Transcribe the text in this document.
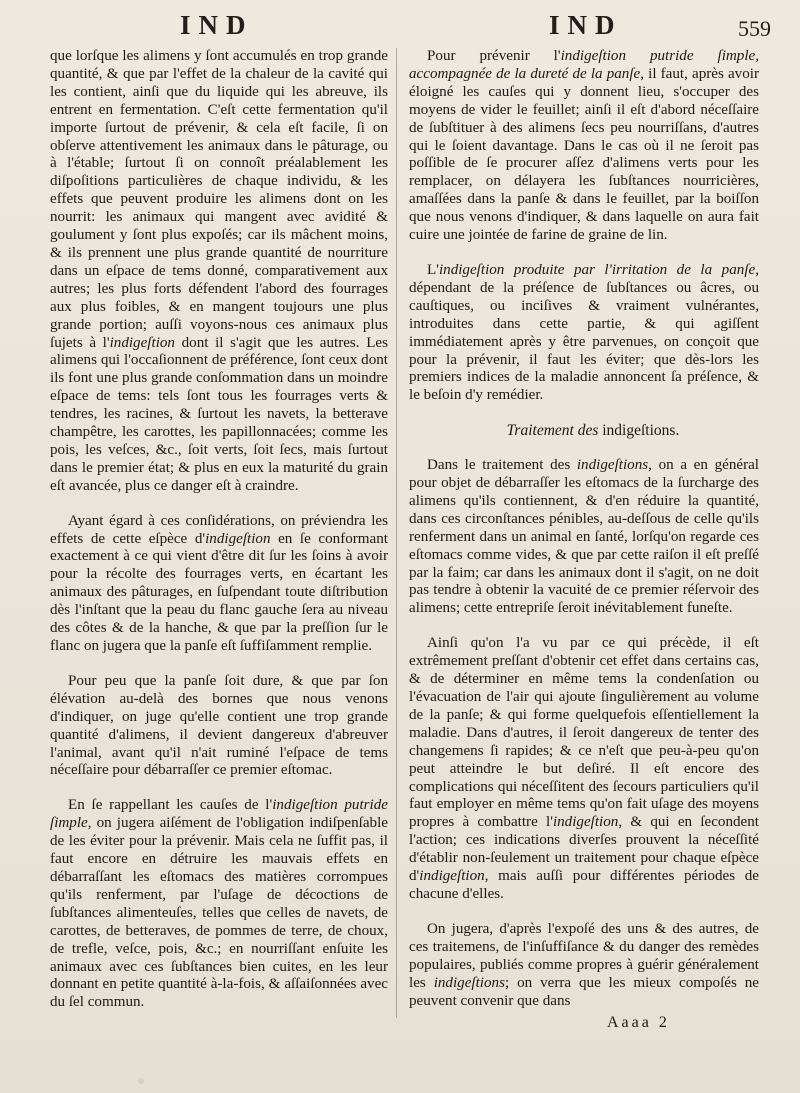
IND	IND	559

que lorſque les alimens y ſont accumulés en trop grande quantité, & que par l'effet de la chaleur de la cavité qui les contient, ainſi que du liquide qui les abreuve, ils entrent en fermentation. C'eſt cette fermentation qu'il importe ſurtout de prévenir, & cela eſt facile, ſi on obſerve attentivement les animaux dans le pâturage, ou à l'étable; ſurtout ſi on connoît préalablement les diſpoſitions particulières de chaque individu, & les effets que peuvent produire les alimens dont on les nourrit: les animaux qui mangent avec avidité & goulument y ſont plus expoſés; car ils mâchent moins, & ils prennent une plus grande quantité de nourriture dans un eſpace de tems donné, comparativement aux autres; les plus forts défendent l'abord des fourrages aux plus foibles, & en mangent toujours une plus grande portion; auſſi voyons-nous ces animaux plus ſujets à l'indigeſtion dont il s'agit que les autres. Les alimens qui l'occaſionnent de préférence, ſont ceux dont ils font une plus grande conſommation dans un moindre eſpace de tems: tels ſont tous les fourrages verts & tendres, les racines, & ſurtout les navets, la betterave champêtre, les carottes, les papillonnacées; comme les pois, les veſces, &c., ſoit verts, ſoit ſecs, mais ſurtout dans le premier état; & plus en eux la maturité du grain eſt avancée, plus ce danger eſt à craindre.

Ayant égard à ces conſidérations, on préviendra les effets de cette eſpèce d'indigeſtion en ſe conformant exactement à ce qui vient d'être dit ſur les ſoins à avoir pour la récolte des fourrages verts, en écartant les animaux des pâturages, en ſuſpendant toute diſtribution dès l'inſtant que la peau du flanc gauche ſera au niveau des côtes & de la hanche, & que par la preſſion ſur le flanc on jugera que la panſe eſt ſuffiſamment remplie.

Pour peu que la panſe ſoit dure, & que par ſon élévation au-delà des bornes que nous venons d'indiquer, on juge qu'elle contient une trop grande quantité d'alimens, il devient dangereux d'abreuver l'animal, avant qu'il n'ait ruminé l'eſpace de tems néceſſaire pour débarraſſer ce premier eſtomac.

En ſe rappellant les cauſes de l'indigeſtion putride ſimple, on jugera aiſément de l'obligation indiſpenſable de les éviter pour la prévenir. Mais cela ne ſuffit pas, il faut encore en détruire les mauvais effets en débarraſſant les eſtomacs des matières corrompues qu'ils renferment, par l'uſage de décoctions de ſubſtances alimenteuſes, telles que celles de navets, de carottes, de betteraves, de pommes de terre, de choux, de trefle, veſce, pois, &c.; en nourriſſant enſuite les animaux avec ces ſubſtances bien cuites, en les leur donnant en petite quantité à-la-fois, & aſſaiſonnées avec du ſel commun.

Pour prévenir l'indigeſtion putride ſimple, accompagnée de la dureté de la panſe, il faut, après avoir éloigné les cauſes qui y donnent lieu, s'occuper des moyens de vider le feuillet; ainſi il eſt d'abord néceſſaire de ſubſtituer à des alimens ſecs peu nourriſſans, d'autres qui le ſoient davantage. Dans le cas où il ne ſeroit pas poſſible de ſe procurer aſſez d'alimens verts pour les remplacer, on délayera les ſubſtances nourricières, amaſſées dans la panſe & dans le feuillet, par la boiſſon que nous venons d'indiquer, & dans laquelle on aura fait cuire une jointée de farine de graine de lin.

L'indigeſtion produite par l'irritation de la panſe, dépendant de la préſence de ſubſtances ou âcres, ou cauſtiques, ou inciſives & vraiment vulnérantes, introduites dans cette partie, & qui agiſſent immédiatement après y être parvenues, on conçoit que pour la prévenir, il faut les éviter; que dès-lors les premiers indices de la maladie annoncent ſa préſence, & le beſoin d'y remédier.

Traitement des indigeſtions.

Dans le traitement des indigeſtions, on a en général pour objet de débarraſſer les eſtomacs de la ſurcharge des alimens qu'ils contiennent, & d'en réduire la quantité, dans ces circonſtances pénibles, au-deſſous de celle qu'ils renferment dans un animal en ſanté, lorſqu'on regarde ces eſtomacs comme vides, & que par cette raiſon il eſt preſſé par la faim; car dans les animaux dont il s'agit, on ne doit pas tendre à obtenir la vacuité de ce premier réſervoir des alimens; cette entrepriſe ſeroit inévitablement funeſte.

Ainſi qu'on l'a vu par ce qui précède, il eſt extrêmement preſſant d'obtenir cet effet dans certains cas, & de déterminer en même tems la condenſation ou l'évacuation de l'air qui ajoute ſingulièrement au volume de la panſe; & qui forme quelquefois eſſentiellement la maladie. Dans d'autres, il ſeroit dangereux de tenter des changemens ſi rapides; & ce n'eſt que peu-à-peu qu'on peut atteindre le but deſiré. Il eſt encore des complications qui néceſſitent des ſecours particuliers qu'il faut employer en même tems qu'on fait uſage des moyens propres à combattre l'indigeſtion, & qui en ſecondent l'action; ces indications diverſes prouvent la néceſſité d'établir non-ſeulement un traitement pour chaque eſpèce d'indigeſtion, mais auſſi pour différentes périodes de chacune d'elles.

On jugera, d'après l'expoſé des uns & des autres, de ces traitemens, de l'inſuffiſance & du danger des remèdes populaires, publiés comme propres à guérir généralement les indigeſtions; on verra que les mieux compoſés ne peuvent convenir que dans

Aaaa 2
